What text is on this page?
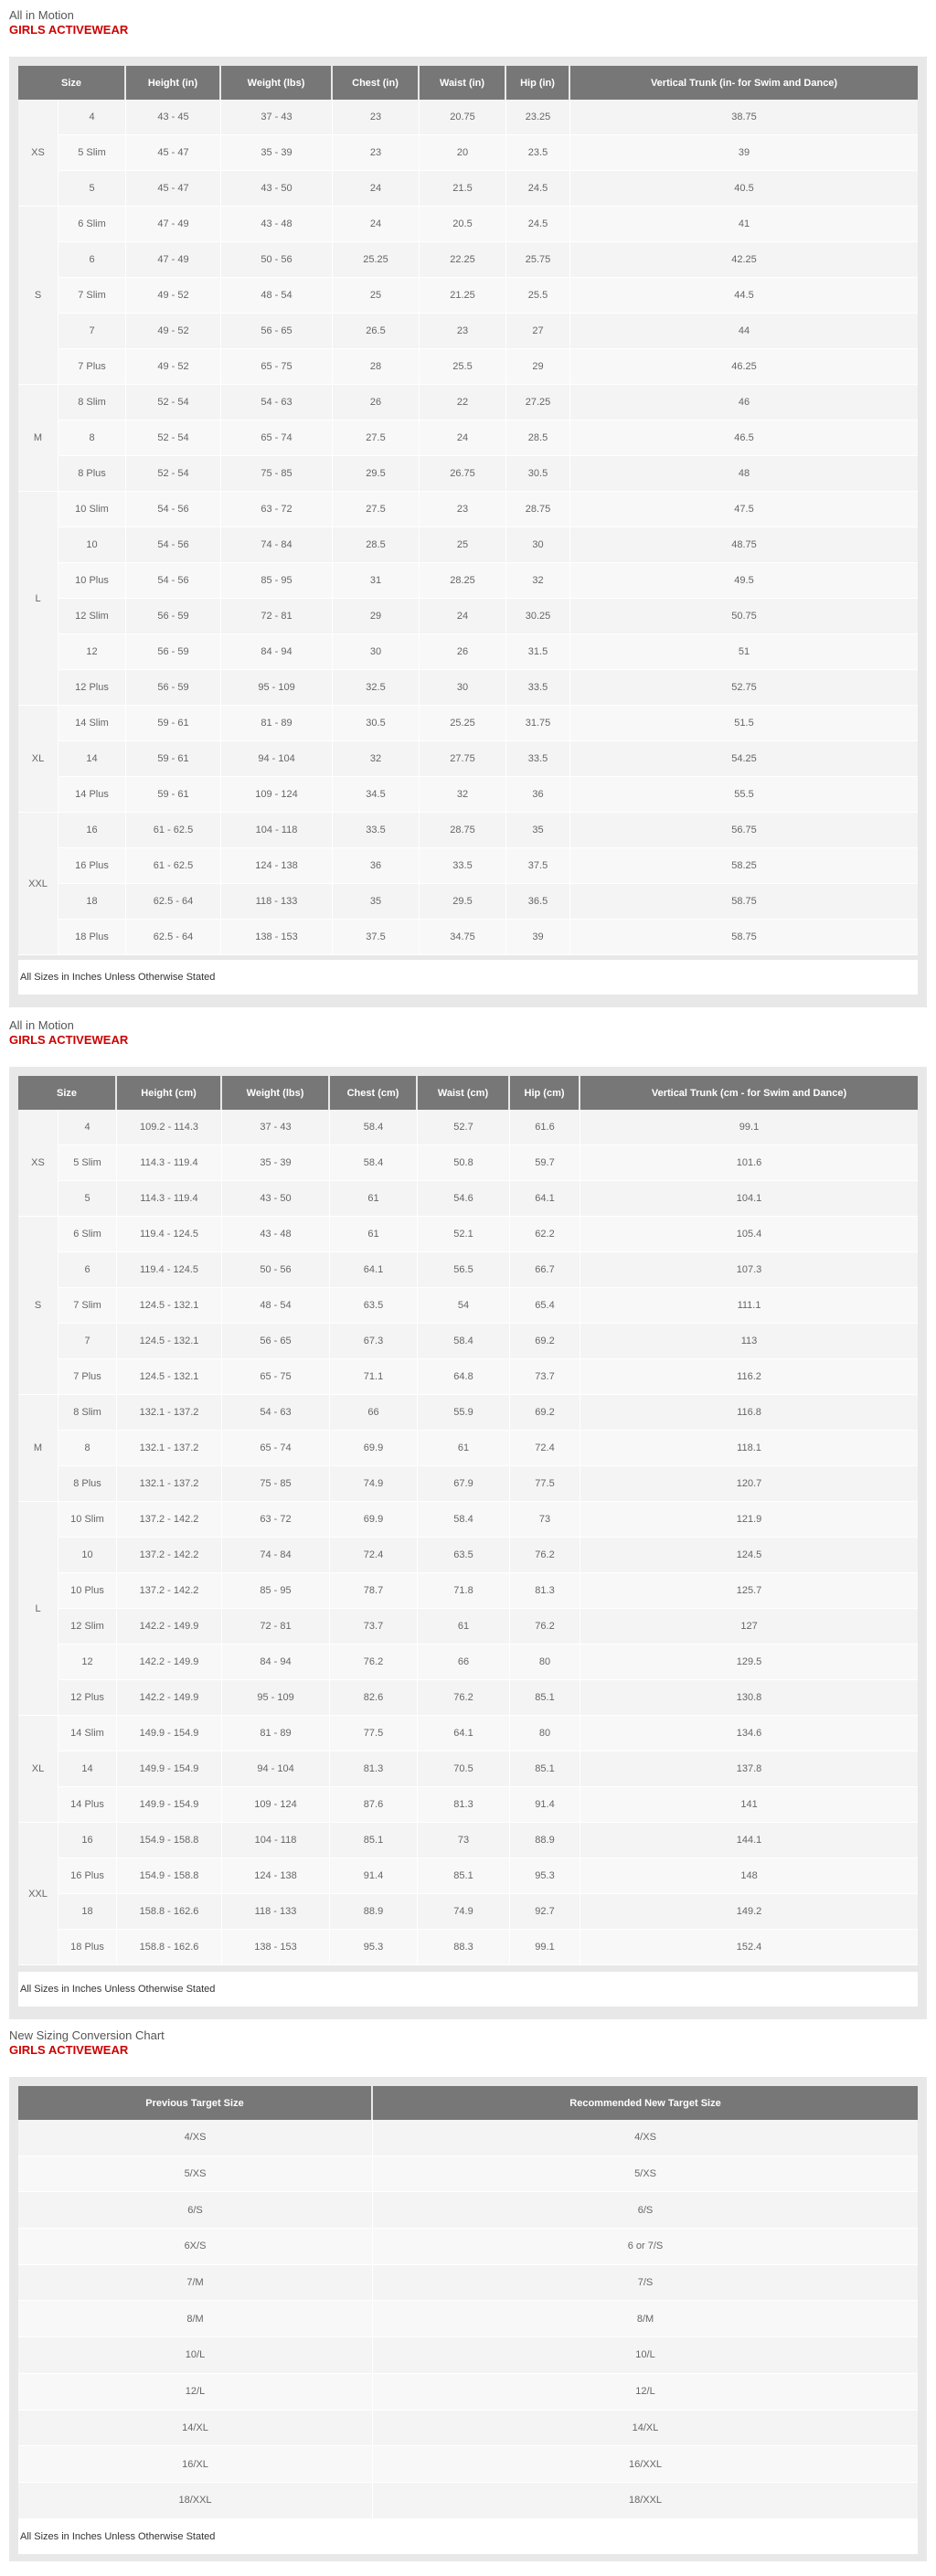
All in Motion
GIRLS ACTIVEWEAR
Size		Height (in)	Weight (lbs)	Chest (in)	Waist (in)	Hip (in)	Vertical Trunk (in- for Swim and Dance)
XS	4	43 - 45	37 - 43	23	20.75	23.25	38.75
	5 Slim	45 - 47	35 - 39	23	20	23.5	39
	5	45 - 47	43 - 50	24	21.5	24.5	40.5
S	6 Slim	47 - 49	43 - 48	24	20.5	24.5	41
	6	47 - 49	50 - 56	25.25	22.25	25.75	42.25
	7 Slim	49 - 52	48 - 54	25	21.25	25.5	44.5
	7	49 - 52	56 - 65	26.5	23	27	44
	7 Plus	49 - 52	65 - 75	28	25.5	29	46.25
M	8 Slim	52 - 54	54 - 63	26	22	27.25	46
	8	52 - 54	65 - 74	27.5	24	28.5	46.5
	8 Plus	52 - 54	75 - 85	29.5	26.75	30.5	48
L	10 Slim	54 - 56	63 - 72	27.5	23	28.75	47.5
	10	54 - 56	74 - 84	28.5	25	30	48.75
	10 Plus	54 - 56	85 - 95	31	28.25	32	49.5
	12 Slim	56 - 59	72 - 81	29	24	30.25	50.75
	12	56 - 59	84 - 94	30	26	31.5	51
	12 Plus	56 - 59	95 - 109	32.5	30	33.5	52.75
XL	14 Slim	59 - 61	81 - 89	30.5	25.25	31.75	51.5
	14	59 - 61	94 - 104	32	27.75	33.5	54.25
	14 Plus	59 - 61	109 - 124	34.5	32	36	55.5
XXL	16	61 - 62.5	104 - 118	33.5	28.75	35	56.75
	16 Plus	61 - 62.5	124 - 138	36	33.5	37.5	58.25
	18	62.5 - 64	118 - 133	35	29.5	36.5	58.75
	18 Plus	62.5 - 64	138 - 153	37.5	34.75	39	58.75
All Sizes in Inches Unless Otherwise Stated
All in Motion
GIRLS ACTIVEWEAR
Size		Height (cm)	Weight (lbs)	Chest (cm)	Waist (cm)	Hip (cm)	Vertical Trunk (cm - for Swim and Dance)
XS	4	109.2 - 114.3	37 - 43	58.4	52.7	61.6	99.1
	5 Slim	114.3 - 119.4	35 - 39	58.4	50.8	59.7	101.6
	5	114.3 - 119.4	43 - 50	61	54.6	64.1	104.1
S	6 Slim	119.4 - 124.5	43 - 48	61	52.1	62.2	105.4
	6	119.4 - 124.5	50 - 56	64.1	56.5	66.7	107.3
	7 Slim	124.5 - 132.1	48 - 54	63.5	54	65.4	111.1
	7	124.5 - 132.1	56 - 65	67.3	58.4	69.2	113
	7 Plus	124.5 - 132.1	65 - 75	71.1	64.8	73.7	116.2
M	8 Slim	132.1 - 137.2	54 - 63	66	55.9	69.2	116.8
	8	132.1 - 137.2	65 - 74	69.9	61	72.4	118.1
	8 Plus	132.1 - 137.2	75 - 85	74.9	67.9	77.5	120.7
L	10 Slim	137.2 - 142.2	63 - 72	69.9	58.4	73	121.9
	10	137.2 - 142.2	74 - 84	72.4	63.5	76.2	124.5
	10 Plus	137.2 - 142.2	85 - 95	78.7	71.8	81.3	125.7
	12 Slim	142.2 - 149.9	72 - 81	73.7	61	76.2	127
	12	142.2 - 149.9	84 - 94	76.2	66	80	129.5
	12 Plus	142.2 - 149.9	95 - 109	82.6	76.2	85.1	130.8
XL	14 Slim	149.9 - 154.9	81 - 89	77.5	64.1	80	134.6
	14	149.9 - 154.9	94 - 104	81.3	70.5	85.1	137.8
	14 Plus	149.9 - 154.9	109 - 124	87.6	81.3	91.4	141
XXL	16	154.9 - 158.8	104 - 118	85.1	73	88.9	144.1
	16 Plus	154.9 - 158.8	124 - 138	91.4	85.1	95.3	148
	18	158.8 - 162.6	118 - 133	88.9	74.9	92.7	149.2
	18 Plus	158.8 - 162.6	138 - 153	95.3	88.3	99.1	152.4
All Sizes in Inches Unless Otherwise Stated
New Sizing Conversion Chart
GIRLS ACTIVEWEAR
Previous Target Size	Recommended New Target Size
4/XS	4/XS
5/XS	5/XS
6/S	6/S
6X/S	6 or 7/S
7/M	7/S
8/M	8/M
10/L	10/L
12/L	12/L
14/XL	14/XL
16/XL	16/XXL
18/XXL	18/XXL
All Sizes in Inches Unless Otherwise Stated
